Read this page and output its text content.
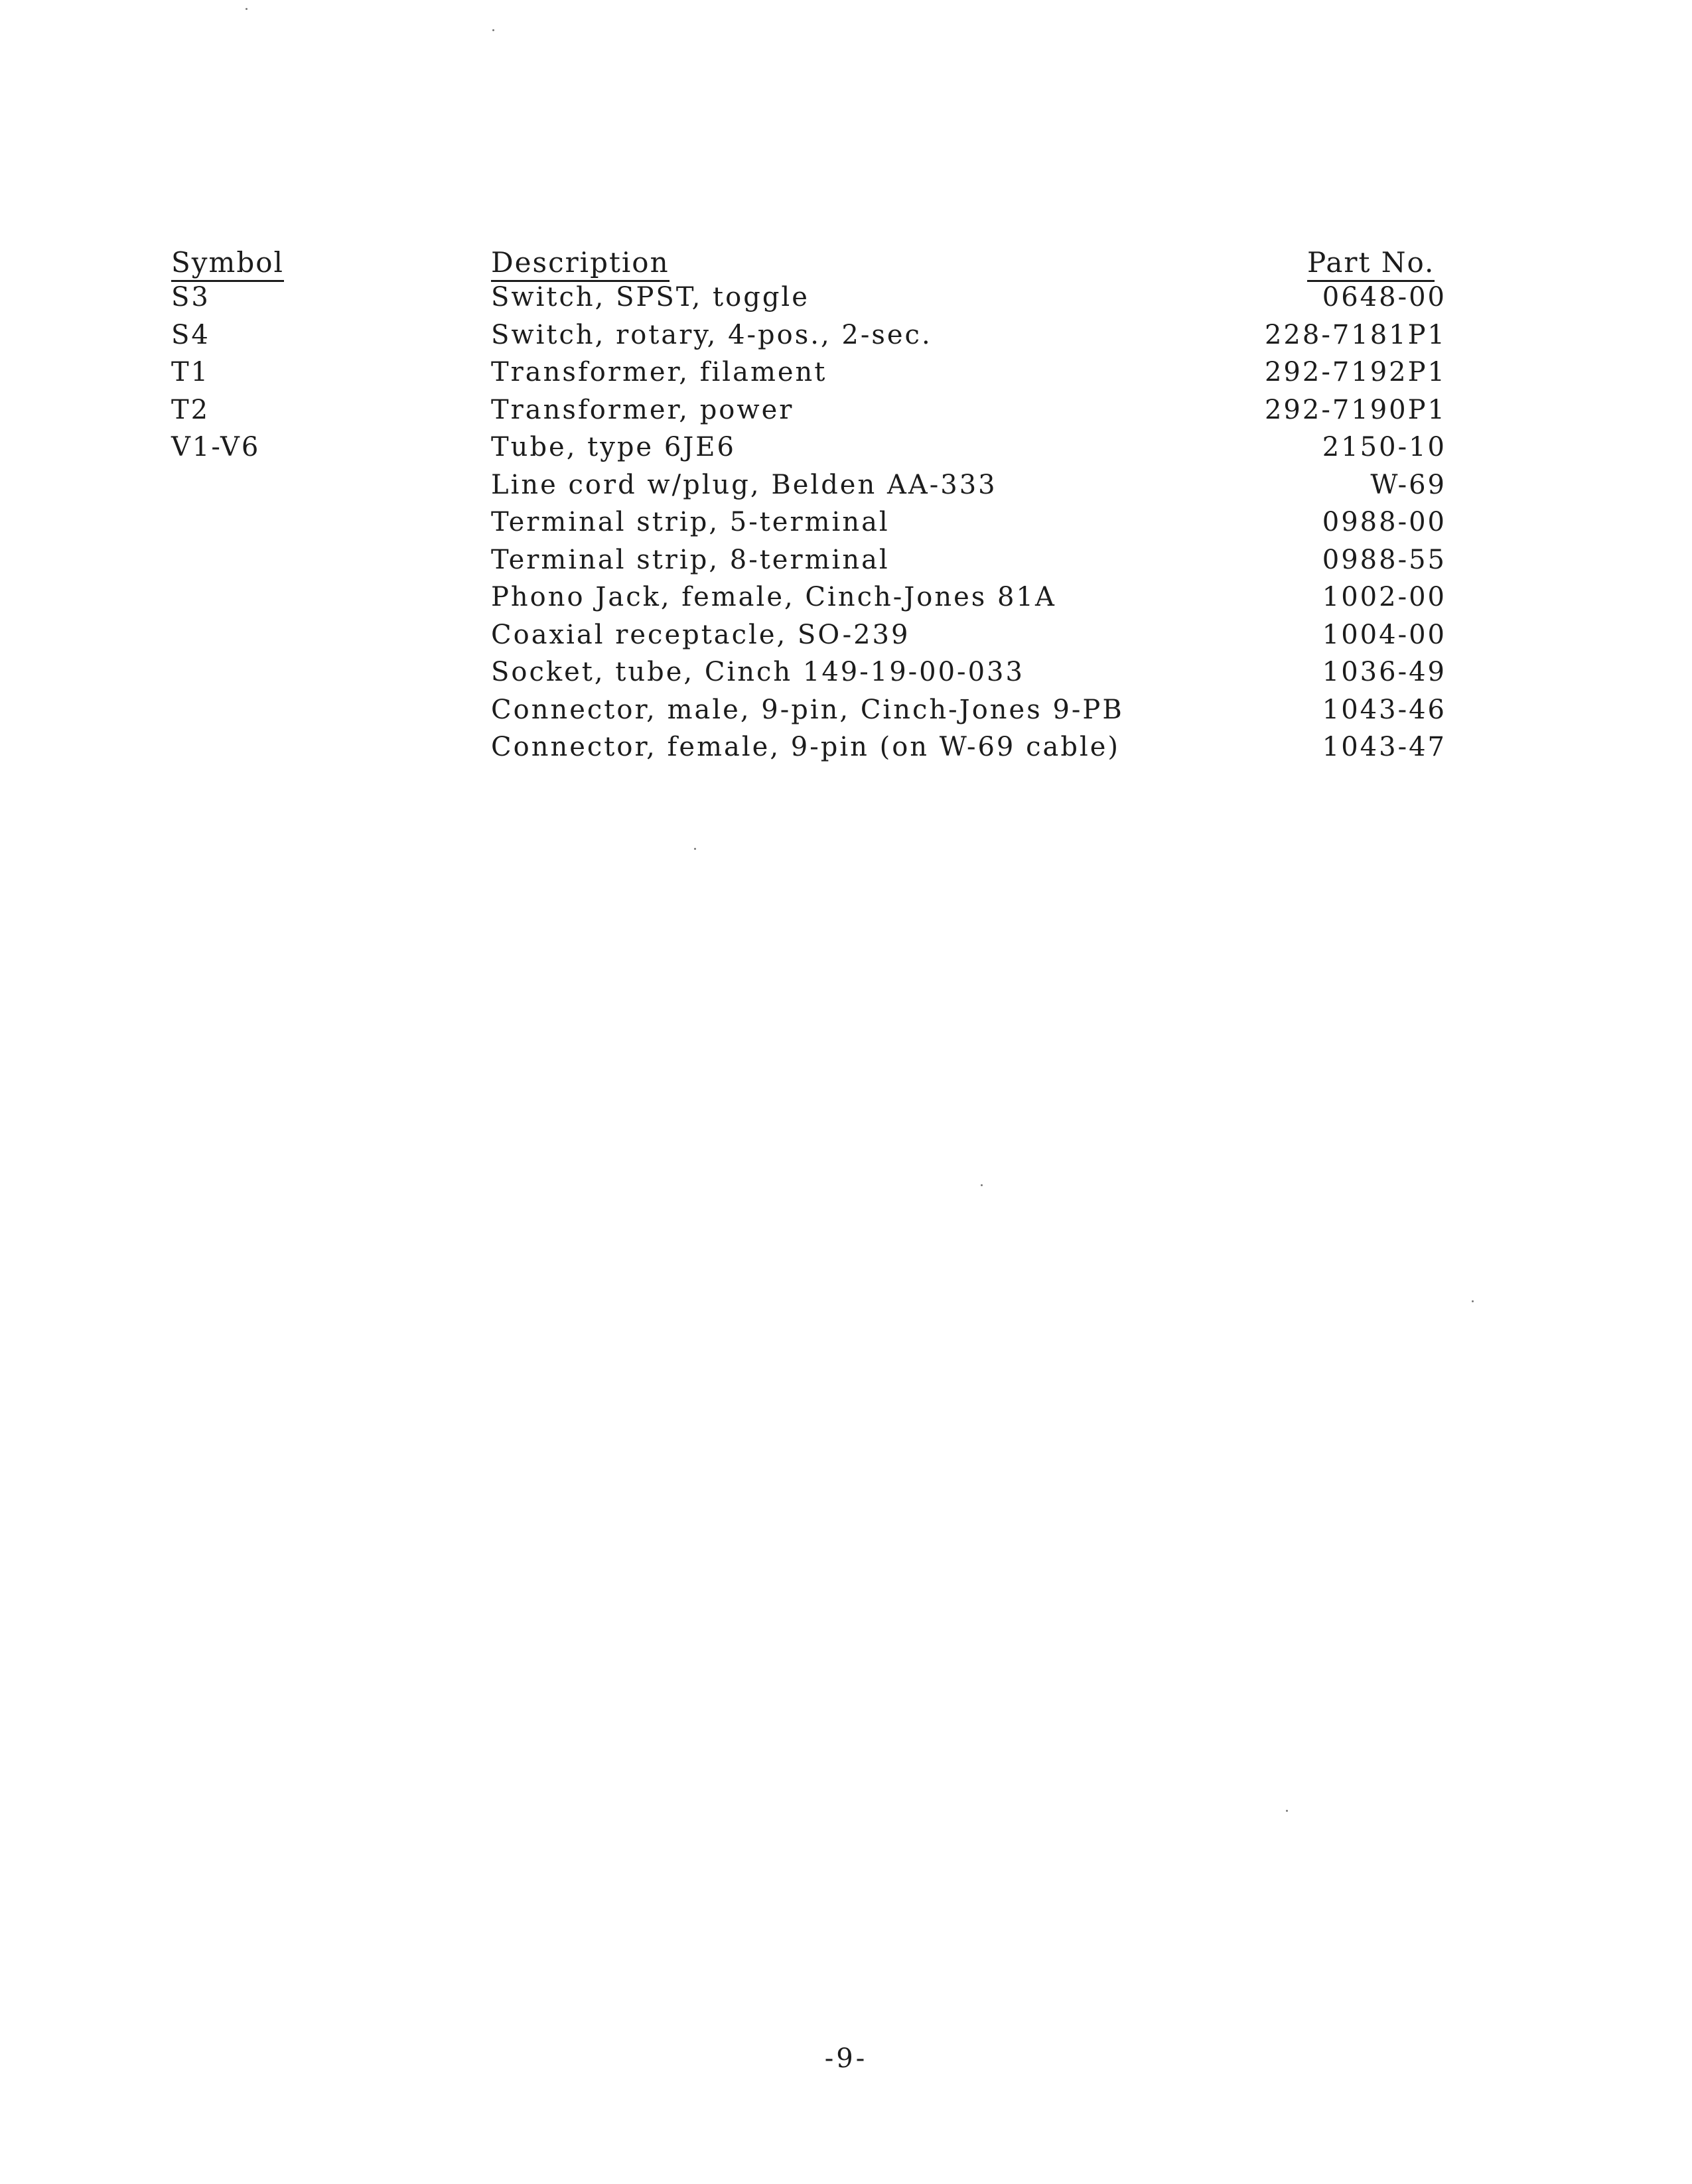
Symbol	Description	Part No.
S3
S4
T1
T2
V1-V6
Switch, SPST, toggle
Switch, rotary, 4-pos., 2-sec.
Transformer, filament
Transformer, power
Tube, type 6JE6
Line cord w/plug, Belden AA-333
Terminal strip, 5-terminal
Terminal strip, 8-terminal
Phono Jack, female, Cinch-Jones 81A
Coaxial receptacle, SO-239
Socket, tube, Cinch 149-19-00-033
Connector, male, 9-pin, Cinch-Jones 9-PB
Connector, female, 9-pin (on W-69 cable)
0648-00
228-7181P1
292-7192P1
292-7190P1
2150-10
W-69
0988-00
0988-55
1002-00
1004-00
1036-49
1043-46
1043-47
-9-
